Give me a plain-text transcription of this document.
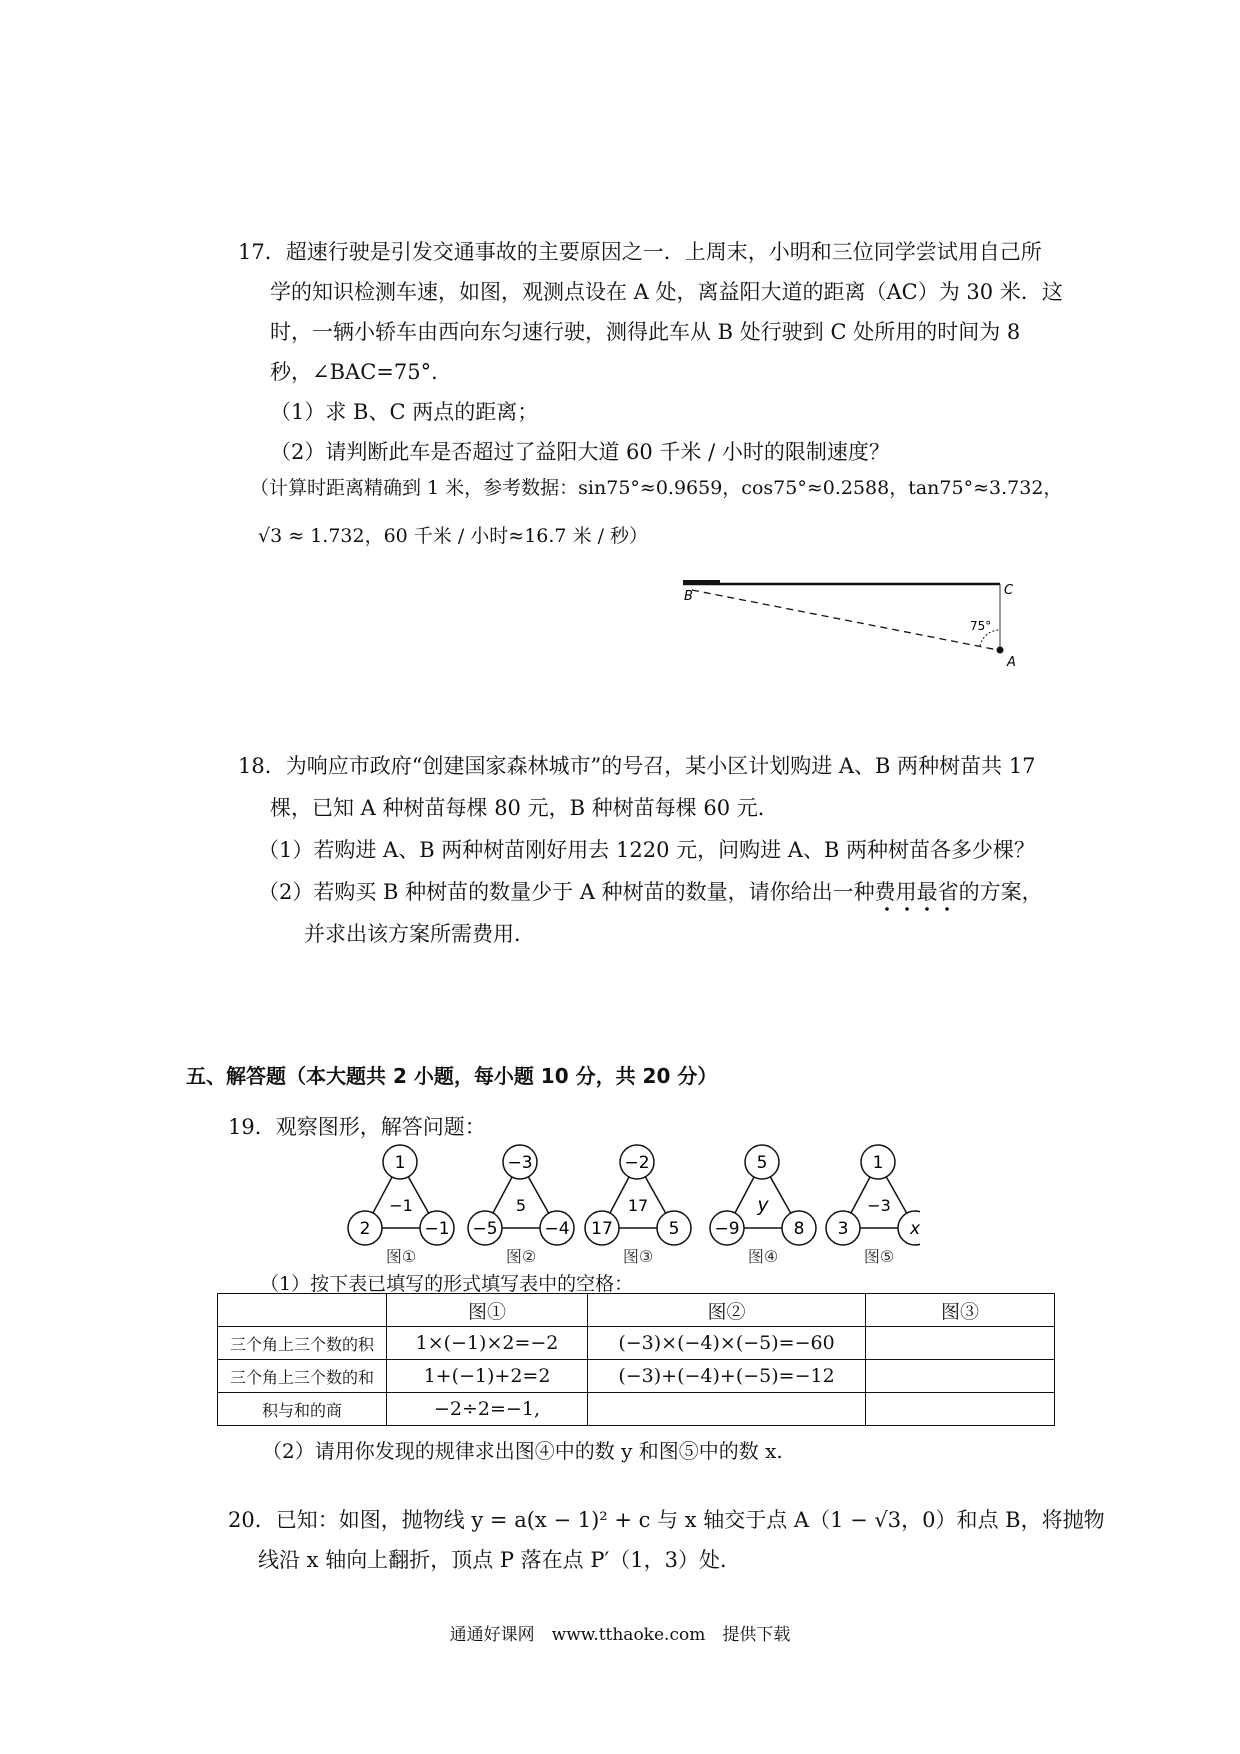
17．超速行驶是引发交通事故的主要原因之一．上周末，小明和三位同学尝试用自己所
学的知识检测车速，如图，观测点设在 A 处，离益阳大道的距离（AC）为 30 米．这
时，一辆小轿车由西向东匀速行驶，测得此车从 B 处行驶到 C 处所用的时间为 8
秒，∠BAC=75°．
（1）求 B、C 两点的距离；
（2）请判断此车是否超过了益阳大道 60 千米 / 小时的限制速度？
（计算时距离精确到 1 米，参考数据：sin75°≈0.9659，cos75°≈0.2588，tan75°≈3.732，
√3 ≈ 1.732，60 千米 / 小时≈16.7 米 / 秒）
B	C
A
75°
18．为响应市政府“创建国家森林城市”的号召，某小区计划购进 A、B 两种树苗共 17
棵，已知 A 种树苗每棵 80 元，B 种树苗每棵 60 元．
（1）若购进 A、B 两种树苗刚好用去 1220 元，问购进 A、B 两种树苗各多少棵？
（2）若购买 B 种树苗的数量少于 A 种树苗的数量，请你给出一种费用最省的方案，
并求出该方案所需费用．
五、解答题（本大题共 2 小题，每小题 10 分，共 20 分）
19．观察图形，解答问题：
1
2	−1
−1
图①
−3
−5	−4
5
图②
−2
17	5
17
图③
5
−9	8
y
图④
1
3	x
−3
图⑤
（1）按下表已填写的形式填写表中的空格：
	图①	图②	图③
三个角上三个数的积	1×(−1)×2=−2	(−3)×(−4)×(−5)=−60	
三个角上三个数的和	1+(−1)+2=2	(−3)+(−4)+(−5)=−12	
积与和的商	−2÷2=−1,		
（2）请用你发现的规律求出图④中的数 y 和图⑤中的数 x.
20．已知：如图，抛物线 y = a(x − 1)² + c 与 x 轴交于点 A（1 − √3，0）和点 B，将抛物
线沿 x 轴向上翻折，顶点 P 落在点 P′（1，3）处．
通通好课网　www.tthaoke.com　提供下载
